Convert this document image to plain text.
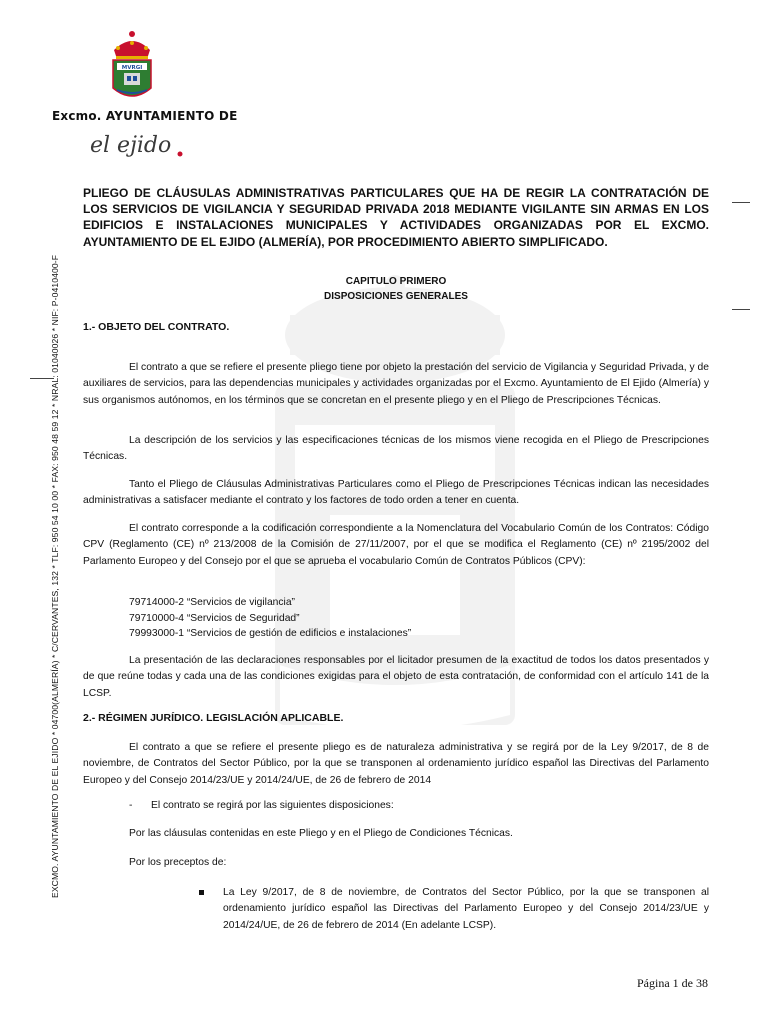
MVRGI
Excmo. AYUNTAMIENTO DE
el ejido
EXCMO. AYUNTAMIENTO DE EL EJIDO * 04700(ALMERÍA) * C/CERVANTES, 132 * TLF: 950 54 10 00 * FAX: 950 48 59 12 * NRAL: 01040026 * NIF: P-0410400-F
PLIEGO DE CLÁUSULAS ADMINISTRATIVAS PARTICULARES QUE HA DE REGIR LA CONTRATACIÓN DE LOS SERVICIOS DE VIGILANCIA Y SEGURIDAD PRIVADA 2018 MEDIANTE VIGILANTE SIN ARMAS EN LOS EDIFICIOS E INSTALACIONES MUNICIPALES Y ACTIVIDADES ORGANIZADAS POR EL EXCMO. AYUNTAMIENTO DE EL EJIDO (ALMERÍA), POR PROCEDIMIENTO ABIERTO SIMPLIFICADO.
CAPITULO PRIMERO
DISPOSICIONES GENERALES
1.- OBJETO DEL CONTRATO.

El contrato a que se refiere el presente pliego tiene por objeto la prestación del servicio de Vigilancia y Seguridad Privada, y de auxiliares de servicios, para las dependencias municipales y actividades organizadas por el Excmo. Ayuntamiento de El Ejido (Almería) y sus organismos autónomos, en los términos que se concretan en el presente pliego y en el Pliego de Prescripciones Técnicas.

La descripción de los servicios y las especificaciones técnicas de los mismos viene recogida en el Pliego de Prescripciones Técnicas.

Tanto el Pliego de Cláusulas Administrativas Particulares como el Pliego de Prescripciones Técnicas indican las necesidades administrativas a satisfacer mediante el contrato y los factores de todo orden a tener en cuenta.

El contrato corresponde a la codificación correspondiente a la Nomenclatura del Vocabulario Común de los Contratos: Código CPV (Reglamento (CE) nº 213/2008 de la Comisión de 27/11/2007, por el que se modifica el Reglamento (CE) nº 2195/2002 del Parlamento Europeo y del Consejo por el que se aprueba el vocabulario Común de Contratos Públicos (CPV):

79714000-2 “Servicios de vigilancia”
79710000-4 “Servicios de Seguridad”
79993000-1 “Servicios de gestión de edificios e instalaciones”

La presentación de las declaraciones responsables por el licitador presumen de la exactitud de todos los datos presentados y de que reúne todas y cada una de las condiciones exigidas para el objeto de esta contratación, de conformidad con el artículo 141 de la LCSP.

2.- RÉGIMEN JURÍDICO. LEGISLACIÓN APLICABLE.

El contrato a que se refiere el presente pliego es de naturaleza administrativa y se regirá por de la Ley 9/2017, de 8 de noviembre, de Contratos del Sector Público, por la que se transponen al ordenamiento jurídico español las Directivas del Parlamento Europeo y del Consejo 2014/23/UE y 2014/24/UE, de 26 de febrero de 2014

- El contrato se regirá por las siguientes disposiciones:
Por las cláusulas contenidas en este Pliego y en el Pliego de Condiciones Técnicas.
Por los preceptos de:
La Ley 9/2017, de 8 de noviembre, de Contratos del Sector Público, por la que se transponen al ordenamiento jurídico español las Directivas del Parlamento Europeo y del Consejo 2014/23/UE y 2014/24/UE, de 26 de febrero de 2014 (En adelante LCSP).
Página 1 de 38
